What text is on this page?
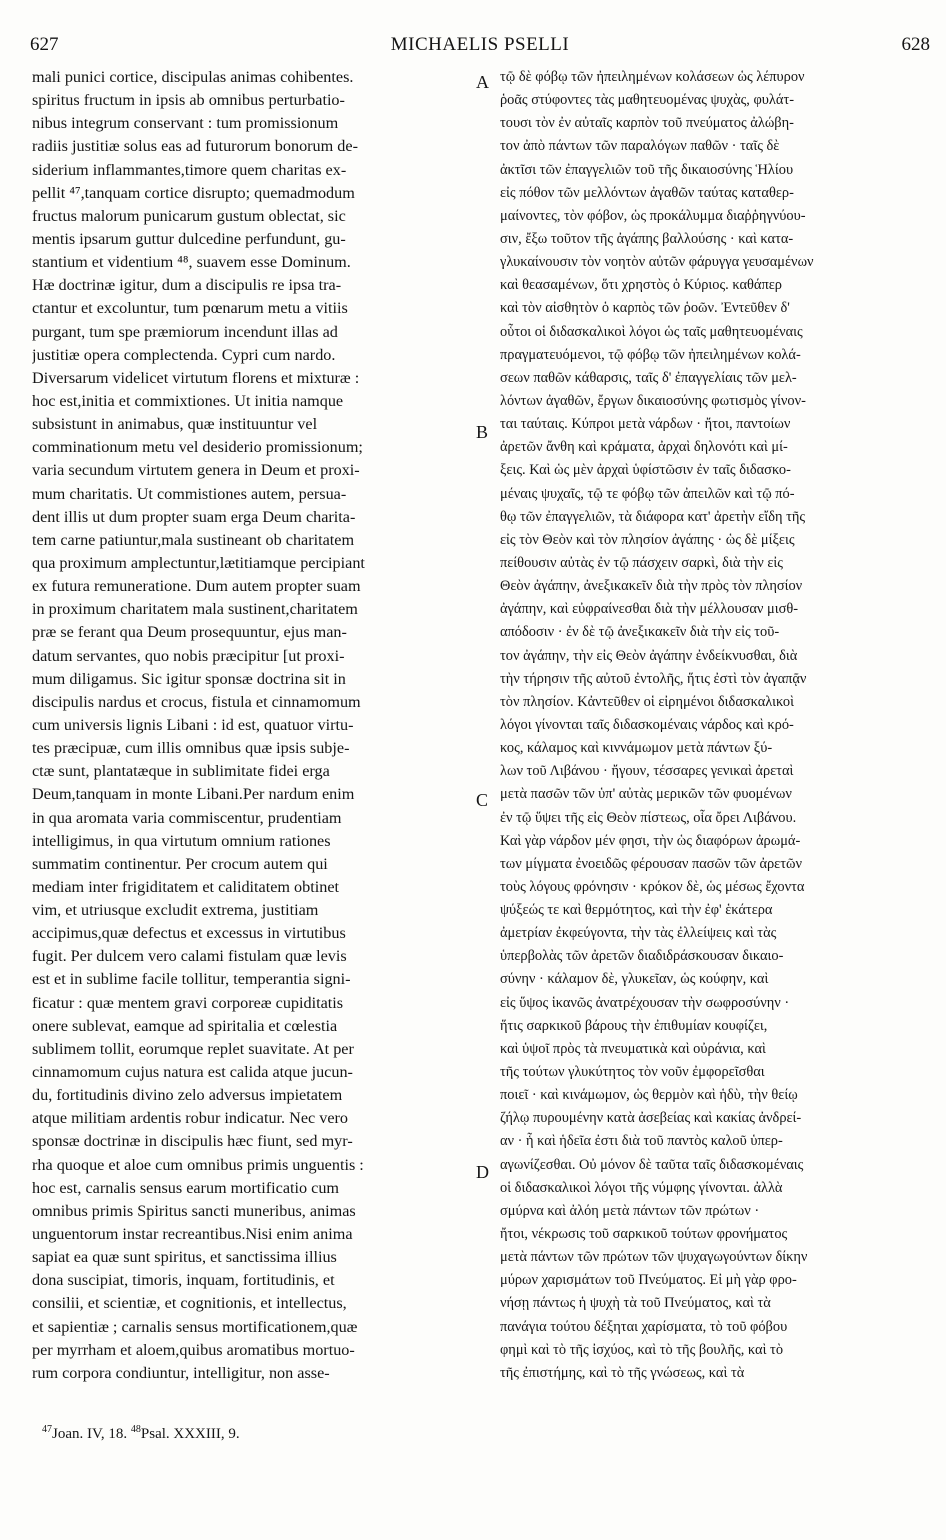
627	MICHAELIS PSELLI	628
mali punici cortice, discipulas animas cohibentes.
spiritus fructum in ipsis ab omnibus perturbatio-
nibus integrum conservant : tum promissionum
radiis justitiæ solus eas ad futurorum bonorum de-
siderium inflammantes,timore quem charitas ex-
pellit ⁴⁷,tanquam cortice disrupto; quemadmodum
fructus malorum punicarum gustum oblectat, sic
mentis ipsarum guttur dulcedine perfundunt, gu-
stantium et videntium ⁴⁸, suavem esse Dominum.
Hæ doctrinæ igitur, dum a discipulis re ipsa tra-
ctantur et excoluntur, tum pœnarum metu a vitiis
purgant, tum spe præmiorum incendunt illas ad
justitiæ opera complectenda. Cypri cum nardo.
Diversarum videlicet virtutum florens et mixturæ :
hoc est,initia et commixtiones. Ut initia namque
subsistunt in animabus, quæ instituuntur vel
comminationum metu vel desiderio promissionum;
varia secundum virtutem genera in Deum et proxi-
mum charitatis. Ut commistiones autem, persua-
dent illis ut dum propter suam erga Deum charita-
tem carne patiuntur,mala sustineant ob charitatem
qua proximum amplectuntur,lætitiamque percipiant
ex futura remuneratione. Dum autem propter suam
in proximum charitatem mala sustinent,charitatem
præ se ferant qua Deum prosequuntur, ejus man-
datum servantes, quo nobis præcipitur [ut proxi-
mum diligamus. Sic igitur sponsæ doctrina sit in
discipulis nardus et crocus, fistula et cinnamomum
cum universis lignis Libani : id est, quatuor virtu-
tes præcipuæ, cum illis omnibus quæ ipsis subje-
ctæ sunt, plantatæque in sublimitate fidei erga
Deum,tanquam in monte Libani.Per nardum enim
in qua aromata varia commiscentur, prudentiam
intelligimus, in qua virtutum omnium rationes
summatim continentur. Per crocum autem qui
mediam inter frigiditatem et caliditatem obtinet
vim, et utriusque excludit extrema, justitiam
accipimus,quæ defectus et excessus in virtutibus
fugit. Per dulcem vero calami fistulam quæ levis
est et in sublime facile tollitur, temperantia signi-
ficatur : quæ mentem gravi corporeæ cupiditatis
onere sublevat, eamque ad spiritalia et cœlestia
sublimem tollit, eorumque replet suavitate. At per
cinnamomum cujus natura est calida atque jucun-
du, fortitudinis divino zelo adversus impietatem
atque militiam ardentis robur indicatur. Nec vero
sponsæ doctrinæ in discipulis hæc fiunt, sed myr-
rha quoque et aloe cum omnibus primis unguentis :
hoc est, carnalis sensus earum mortificatio cum
omnibus primis Spiritus sancti muneribus, animas
unguentorum instar recreantibus.Nisi enim anima
sapiat ea quæ sunt spiritus, et sanctissima illius
dona suscipiat, timoris, inquam, fortitudinis, et
consilii, et scientiæ, et cognitionis, et intellectus,
et sapientiæ ; carnalis sensus mortificationem,quæ
per myrrham et aloem,quibus aromatibus mortuo-
rum corpora condiuntur, intelligitur, non asse-
A
B
C
D
τῷ δὲ φόβῳ τῶν ἠπειλημένων κολάσεων ὡς λέπυρον
ῥοᾶς στύφοντες τὰς μαθητευομένας ψυχὰς, φυλάτ-
τουσι τὸν ἐν αὐταῖς καρπὸν τοῦ πνεύματος ἀλώβη-
τον ἀπὸ πάντων τῶν παραλόγων παθῶν · ταῖς δὲ
ἀκτῖσι τῶν ἐπαγγελιῶν τοῦ τῆς δικαιοσύνης Ἡλίου
εἰς πόθον τῶν μελλόντων ἀγαθῶν ταύτας καταθερ-
μαίνοντες, τὸν φόβον, ὡς προκάλυμμα διαῤῥηγνύου-
σιν, ἔξω τοῦτον τῆς ἀγάπης βαλλούσης · καὶ κατα-
γλυκαίνουσιν τὸν νοητὸν αὐτῶν φάρυγγα γευσαμένων
καὶ θεασαμένων, ὅτι χρηστὸς ὁ Κύριος. καθάπερ
καὶ τὸν αἰσθητὸν ὁ καρπὸς τῶν ῥοῶν. Ἐντεῦθεν δ'
οὗτοι οἱ διδασκαλικοὶ λόγοι ὡς ταῖς μαθητευομέναις
πραγματευόμενοι, τῷ φόβῳ τῶν ἠπειλημένων κολά-
σεων παθῶν κάθαρσις, ταῖς δ' ἐπαγγελίαις τῶν μελ-
λόντων ἀγαθῶν, ἔργων δικαιοσύνης φωτισμὸς γίνον-
ται ταύταις. Κύπροι μετὰ νάρδων · ἤτοι, παντοίων
ἀρετῶν ἄνθη καὶ κράματα, ἀρχαὶ δηλονότι καὶ μί-
ξεις. Καὶ ὡς μὲν ἀρχαὶ ὑφίστῶσιν ἐν ταῖς διδασκο-
μέναις ψυχαῖς, τῷ τε φόβῳ τῶν ἀπειλῶν καὶ τῷ πό-
θῳ τῶν ἐπαγγελιῶν, τὰ διάφορα κατ' ἀρετὴν εἴδη τῆς
εἰς τὸν Θεὸν καὶ τὸν πλησίον ἀγάπης · ὡς δὲ μίξεις
πείθουσιν αὐτὰς ἐν τῷ πάσχειν σαρκὶ, διὰ τὴν εἰς
Θεὸν ἀγάπην, ἀνεξικακεῖν διὰ τὴν πρὸς τὸν πλησίον
ἀγάπην, καὶ εὐφραίνεσθαι διὰ τὴν μέλλουσαν μισθ-
απόδοσιν · ἐν δὲ τῷ ἀνεξικακεῖν διὰ τὴν εἰς τοῦ-
τον ἀγάπην, τὴν εἰς Θεὸν ἀγάπην ἐνδείκνυσθαι, διὰ
τὴν τήρησιν τῆς αὐτοῦ ἐντολῆς, ἥτις ἐστὶ τὸν ἀγαπᾷν
τὸν πλησίον. Κἀντεῦθεν οἱ εἰρημένοι διδασκαλικοὶ
λόγοι γίνονται ταῖς διδασκομέναις νάρδος καὶ κρό-
κος, κάλαμος καὶ κιννάμωμον μετὰ πάντων ξύ-
λων τοῦ Λιβάνου · ἤγουν, τέσσαρες γενικαὶ ἀρεταὶ
μετὰ πασῶν τῶν ὑπ' αὐτὰς μερικῶν τῶν φυομένων
ἐν τῷ ὕψει τῆς εἰς Θεὸν πίστεως, οἷα ὄρει Λιβάνου.
Καὶ γὰρ νάρδον μέν φησι, τὴν ὡς διαφόρων ἀρωμά-
των μίγματα ἐνοειδῶς φέρουσαν πασῶν τῶν ἀρετῶν
τοὺς λόγους φρόνησιν · κρόκον δὲ, ὡς μέσως ἔχοντα
ψύξεώς τε καὶ θερμότητος, καὶ τὴν ἐφ' ἑκάτερα
ἀμετρίαν ἐκφεύγοντα, τὴν τὰς ἐλλείψεις καὶ τὰς
ὑπερβολὰς τῶν ἀρετῶν διαδιδράσκουσαν δικαιο-
σύνην · κάλαμον δὲ, γλυκεῖαν, ὡς κούφην, καὶ
εἰς ὕψος ἱκανῶς ἀνατρέχουσαν τὴν σωφροσύνην ·
ἥτις σαρκικοῦ βάρους τὴν ἐπιθυμίαν κουφίζει,
καὶ ὑψοῖ πρὸς τὰ πνευματικὰ καὶ οὐράνια, καὶ
τῆς τούτων γλυκύτητος τὸν νοῦν ἐμφορεῖσθαι
ποιεῖ · καὶ κινάμωμον, ὡς θερμὸν καὶ ἡδὺ, τὴν θείῳ
ζήλῳ πυρουμένην κατὰ ἀσεβείας καὶ κακίας ἀνδρεί-
αν · ἧ καὶ ἡδεῖα ἐστι διὰ τοῦ παντὸς καλοῦ ὑπερ-
αγωνίζεσθαι. Οὐ μόνον δὲ ταῦτα ταῖς διδασκομέναις
οἱ διδασκαλικοὶ λόγοι τῆς νύμφης γίνονται. ἀλλὰ
σμύρνα καὶ ἀλόη μετὰ πάντων τῶν πρώτων ·
ἤτοι, νέκρωσις τοῦ σαρκικοῦ τούτων φρονήματος
μετὰ πάντων τῶν πρώτων τῶν ψυχαγωγούντων δίκην
μύρων χαρισμάτων τοῦ Πνεύματος. Εἰ μὴ γὰρ φρο-
νήσῃ πάντως ἡ ψυχὴ τὰ τοῦ Πνεύματος, καὶ τὰ
πανάγια τούτου δέξηται χαρίσματα, τὸ τοῦ φόβου
φημὶ καὶ τὸ τῆς ἰσχύος, καὶ τὸ τῆς βουλῆς, καὶ τὸ
τῆς ἐπιστήμης, καὶ τὸ τῆς γνώσεως, καὶ τὰ
$^{47}$Joan. IV, 18. $^{48}$Psal. XXXIII, 9.
